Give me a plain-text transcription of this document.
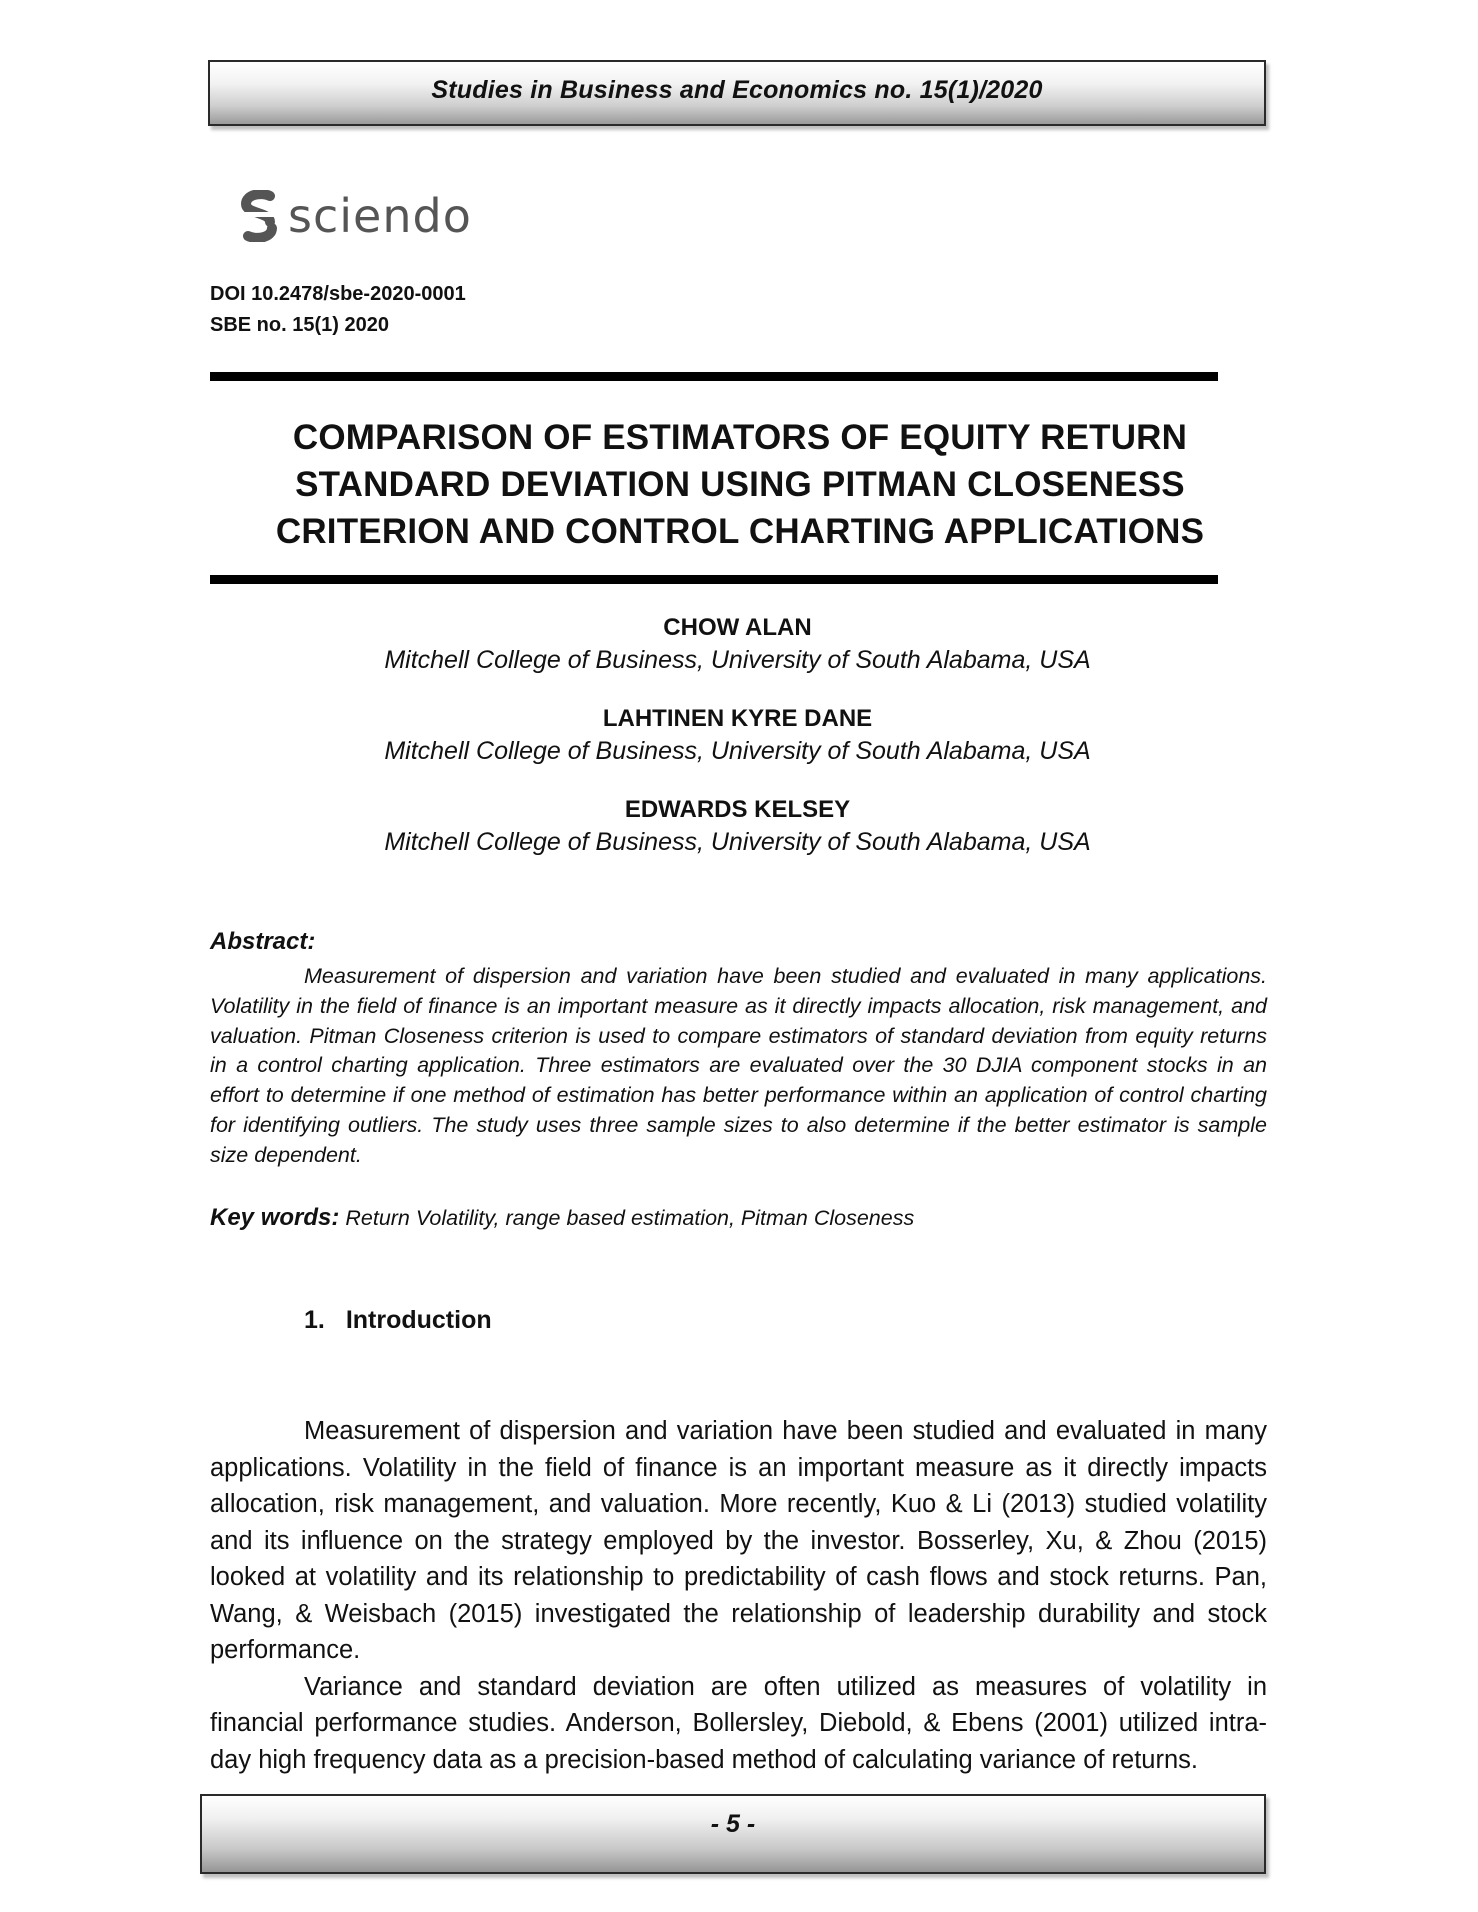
Studies in Business and Economics no. 15(1)/2020
sciendo
DOI 10.2478/sbe-2020-0001
SBE no. 15(1) 2020
COMPARISON OF ESTIMATORS OF EQUITY RETURN
STANDARD DEVIATION USING PITMAN CLOSENESS
CRITERION AND CONTROL CHARTING APPLICATIONS
CHOW ALAN
Mitchell College of Business, University of South Alabama, USA
LAHTINEN KYRE DANE
Mitchell College of Business, University of South Alabama, USA
EDWARDS KELSEY
Mitchell College of Business, University of South Alabama, USA
Abstract:

Measurement of dispersion and variation have been studied and evaluated in many applications. Volatility in the field of finance is an important measure as it directly impacts allocation, risk management, and valuation. Pitman Closeness criterion is used to compare estimators of standard deviation from equity returns in a control charting application. Three estimators are evaluated over the 30 DJIA component stocks in an effort to determine if one method of estimation has better performance within an application of control charting for identifying outliers. The study uses three sample sizes to also determine if the better estimator is sample size dependent.

Key words: Return Volatility, range based estimation, Pitman Closeness
1. Introduction

Measurement of dispersion and variation have been studied and evaluated in many applications. Volatility in the field of finance is an important measure as it directly impacts allocation, risk management, and valuation. More recently, Kuo & Li (2013) studied volatility and its influence on the strategy employed by the investor. Bosserley, Xu, & Zhou (2015) looked at volatility and its relationship to predictability of cash flows and stock returns. Pan, Wang, & Weisbach (2015) investigated the relationship of leadership durability and stock performance.

Variance and standard deviation are often utilized as measures of volatility in financial performance studies. Anderson, Bollersley, Diebold, & Ebens (2001) utilized intra-day high frequency data as a precision-based method of calculating variance of returns.

- 5 -
